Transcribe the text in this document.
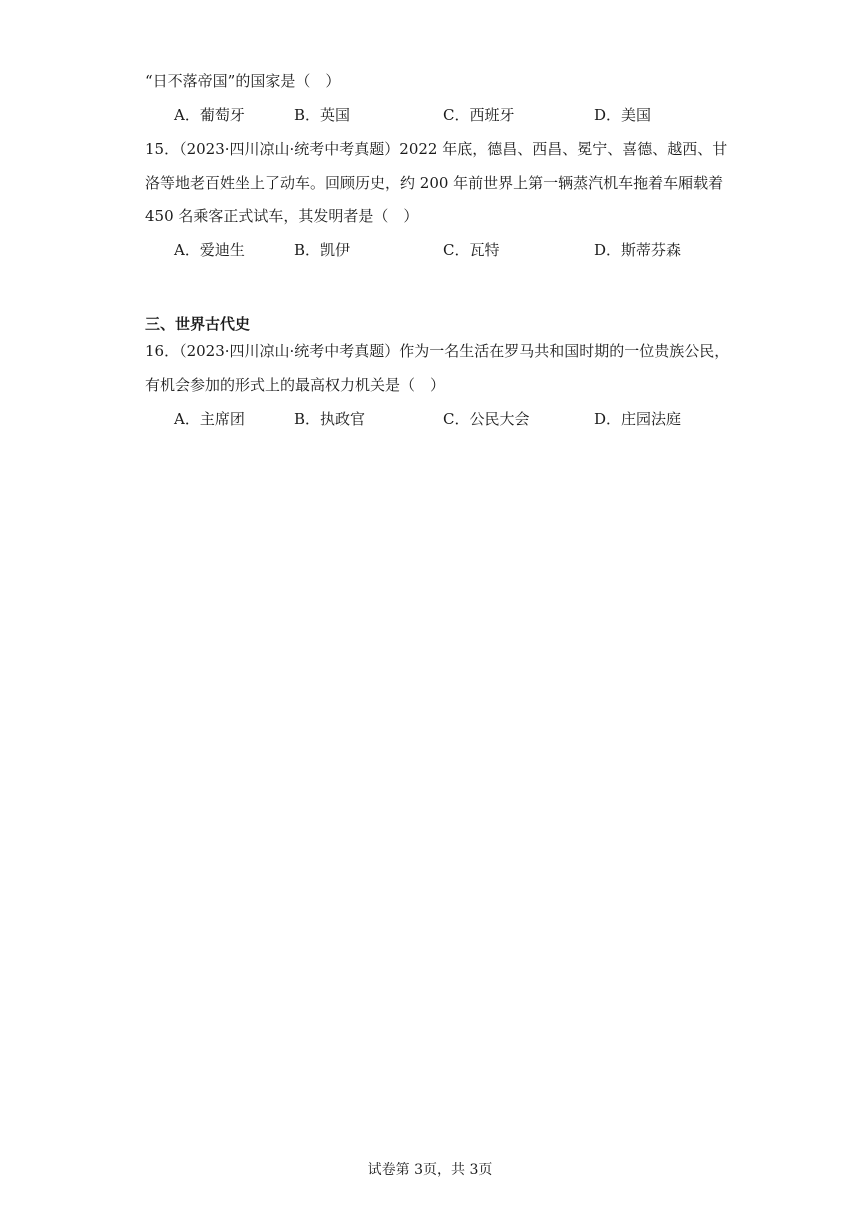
“日不落帝国”的国家是（　）
A．葡萄牙	B．英国	C．西班牙	D．美国
15．（2023·四川凉山·统考中考真题）2022 年底，德昌、西昌、冕宁、喜德、越西、甘
洛等地老百姓坐上了动车。回顾历史，约 200 年前世界上第一辆蒸汽机车拖着车厢载着
450 名乘客正式试车，其发明者是（　）
A．爱迪生	B．凯伊	C．瓦特	D．斯蒂芬森
三、世界古代史
16．（2023·四川凉山·统考中考真题）作为一名生活在罗马共和国时期的一位贵族公民，
有机会参加的形式上的最高权力机关是（　）
A．主席团	B．执政官	C．公民大会	D．庄园法庭
试卷第 3页，共 3页
